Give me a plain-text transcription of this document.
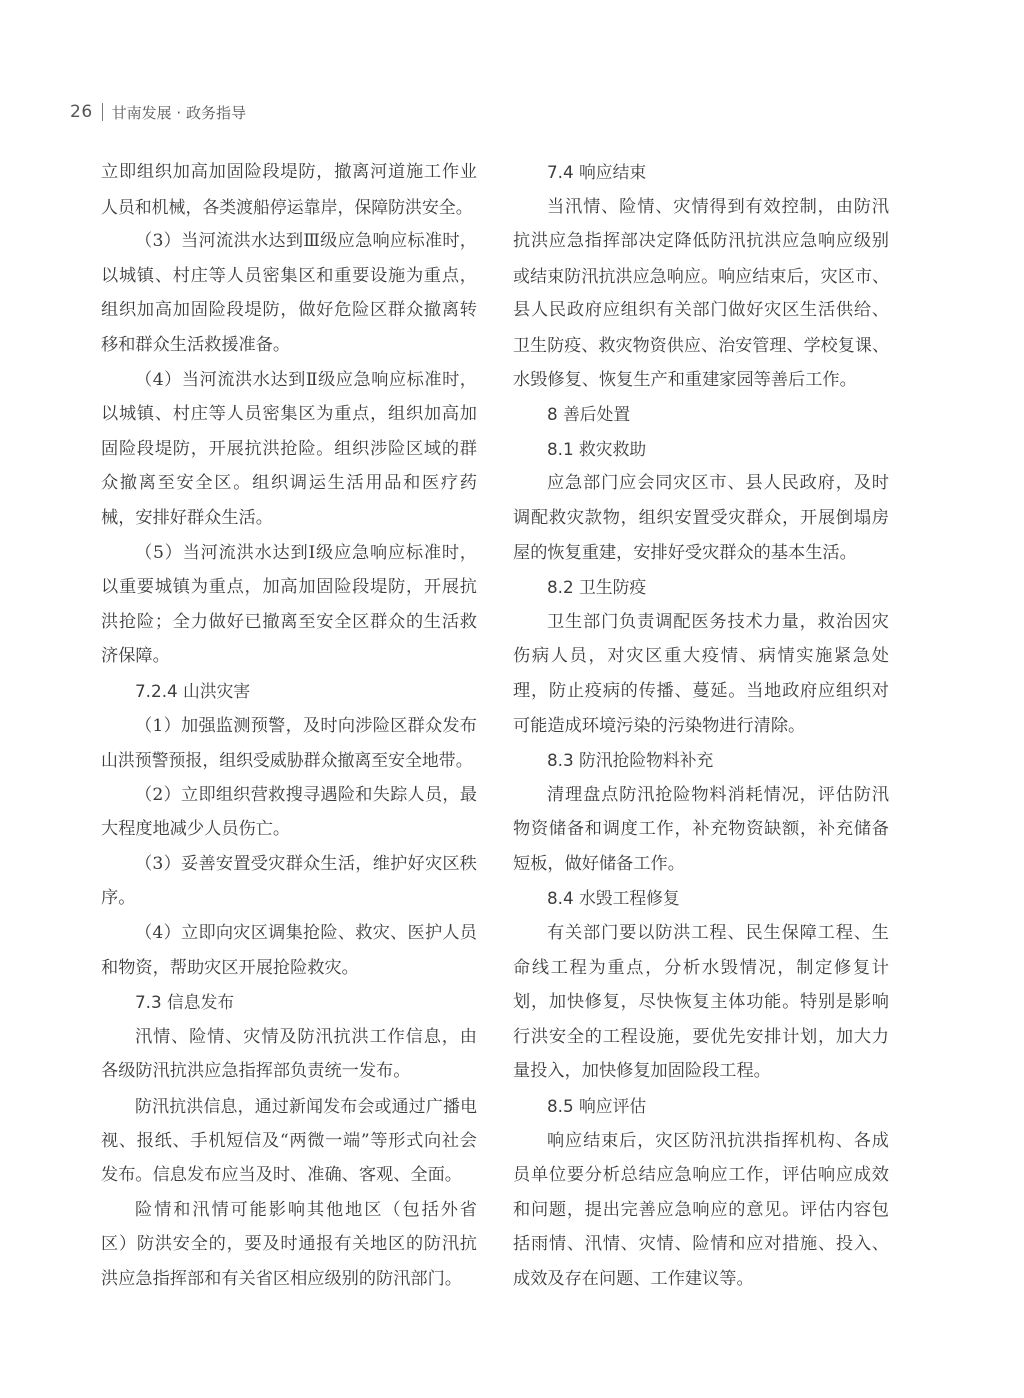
26 甘南发展 · 政务指导
立即组织加高加固险段堤防，撤离河道施工作业
人员和机械，各类渡船停运靠岸，保障防洪安全。
（3）当河流洪水达到Ⅲ级应急响应标准时，
以城镇、村庄等人员密集区和重要设施为重点，
组织加高加固险段堤防，做好危险区群众撤离转
移和群众生活救援准备。
（4）当河流洪水达到Ⅱ级应急响应标准时，
以城镇、村庄等人员密集区为重点，组织加高加
固险段堤防，开展抗洪抢险。组织涉险区域的群
众撤离至安全区。组织调运生活用品和医疗药
械，安排好群众生活。
（5）当河流洪水达到Ⅰ级应急响应标准时，
以重要城镇为重点，加高加固险段堤防，开展抗
洪抢险；全力做好已撤离至安全区群众的生活救
济保障。
7.2.4 山洪灾害
（1）加强监测预警，及时向涉险区群众发布
山洪预警预报，组织受威胁群众撤离至安全地带。
（2）立即组织营救搜寻遇险和失踪人员，最
大程度地减少人员伤亡。
（3）妥善安置受灾群众生活，维护好灾区秩
序。
（4）立即向灾区调集抢险、救灾、医护人员
和物资，帮助灾区开展抢险救灾。
7.3 信息发布
汛情、险情、灾情及防汛抗洪工作信息，由
各级防汛抗洪应急指挥部负责统一发布。
防汛抗洪信息，通过新闻发布会或通过广播电
视、报纸、手机短信及“两微一端”等形式向社会
发布。信息发布应当及时、准确、客观、全面。
险情和汛情可能影响其他地区（包括外省
区）防洪安全的，要及时通报有关地区的防汛抗
洪应急指挥部和有关省区相应级别的防汛部门。
7.4 响应结束
当汛情、险情、灾情得到有效控制，由防汛
抗洪应急指挥部决定降低防汛抗洪应急响应级别
或结束防汛抗洪应急响应。响应结束后，灾区市、
县人民政府应组织有关部门做好灾区生活供给、
卫生防疫、救灾物资供应、治安管理、学校复课、
水毁修复、恢复生产和重建家园等善后工作。
8 善后处置
8.1 救灾救助
应急部门应会同灾区市、县人民政府，及时
调配救灾款物，组织安置受灾群众，开展倒塌房
屋的恢复重建，安排好受灾群众的基本生活。
8.2 卫生防疫
卫生部门负责调配医务技术力量，救治因灾
伤病人员，对灾区重大疫情、病情实施紧急处
理，防止疫病的传播、蔓延。当地政府应组织对
可能造成环境污染的污染物进行清除。
8.3 防汛抢险物料补充
清理盘点防汛抢险物料消耗情况，评估防汛
物资储备和调度工作，补充物资缺额，补充储备
短板，做好储备工作。
8.4 水毁工程修复
有关部门要以防洪工程、民生保障工程、生
命线工程为重点，分析水毁情况，制定修复计
划，加快修复，尽快恢复主体功能。特别是影响
行洪安全的工程设施，要优先安排计划，加大力
量投入，加快修复加固险段工程。
8.5 响应评估
响应结束后，灾区防汛抗洪指挥机构、各成
员单位要分析总结应急响应工作，评估响应成效
和问题，提出完善应急响应的意见。评估内容包
括雨情、汛情、灾情、险情和应对措施、投入、
成效及存在问题、工作建议等。
